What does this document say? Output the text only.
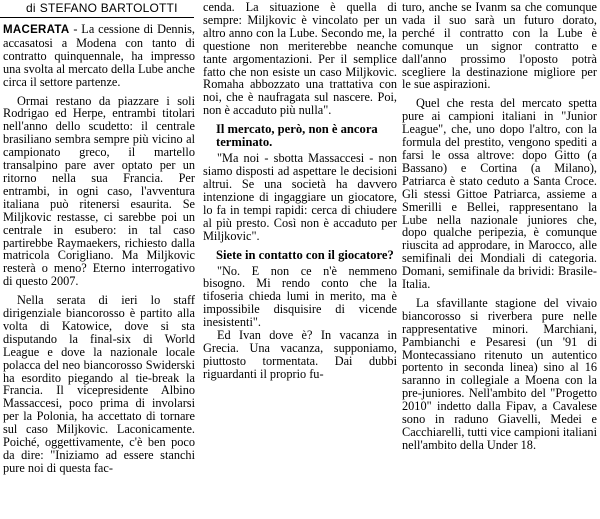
di STEFANO BARTOLOTTI

MACERATA - La cessione di Dennis, accasatosi a Modena con tanto di contratto quinquennale, ha impresso una svolta al mercato della Lube anche circa il settore partenze.

Ormai restano da piazzare i soli Rodrigao ed Herpe, entrambi titolari nell'anno dello scudetto: il centrale brasiliano sembra sempre più vicino al campionato greco, il martello transalpino pare aver optato per un ritorno nella sua Francia. Per entrambi, in ogni caso, l'avventura italiana può ritenersi esaurita. Se Miljkovic restasse, ci sarebbe poi un centrale in esubero: in tal caso partirebbe Raymaekers, richiesto dalla matricola Corigliano. Ma Miljkovic resterà o meno? Eterno interrogativo di questo 2007.

Nella serata di ieri lo staff dirigenziale biancorosso è partito alla volta di Katowice, dove si sta disputando la final-six di World League e dove la nazionale locale polacca del neo biancorosso Swiderski ha esordito piegando al tie-break la Francia. Il vicepresidente Albino Massaccesi, poco prima di involarsi per la Polonia, ha accettato di tornare sul caso Miljkovic. Laconicamente. Poiché, oggettivamente, c'è ben poco da dire: "Iniziamo ad essere stanchi pure noi di questa fac-

cenda. La situazione è quella di sempre: Miljkovic è vincolato per un altro anno con la Lube. Secondo me, la questione non meriterebbe neanche tante argomentazioni. Per il semplice fatto che non esiste un caso Miljkovic. Romaha abbozzato una trattativa con noi, che è naufragata sul nascere. Poi, non è accaduto più nulla".

Il mercato, però, non è ancora terminato.

"Ma noi - sbotta Massaccesi - non siamo disposti ad aspettare le decisioni altrui. Se una società ha davvero intenzione di ingaggiare un giocatore, lo fa in tempi rapidi: cerca di chiudere al più presto. Così non è accaduto per Miljkovic".

Siete in contatto con il giocatore?

"No. E non ce n'è nemmeno bisogno. Mi rendo conto che la tifoseria chieda lumi in merito, ma è impossibile disquisire di vicende inesistenti".

Ed Ivan dove è? In vacanza in Grecia. Una vacanza, supponiamo, piuttosto tormentata. Dai dubbi riguardanti il proprio fu-

turo, anche se Ivanm sa che comunque vada il suo sarà un futuro dorato, perché il contratto con la Lube è comunque un signor contratto e dall'anno prossimo l'oposto potrà scegliere la destinazione migliore per le sue aspirazioni.

Quel che resta del mercato spetta pure ai campioni italiani in "Junior League", che, uno dopo l'altro, con la formula del prestito, vengono spediti a farsi le ossa altrove: dopo Gitto (a Bassano) e Cortina (a Milano), Patriarca è stato ceduto a Santa Croce. Gli stessi Gittoe Patriarca, assieme a Smerilli e Bellei, rappresentano la Lube nella nazionale juniores che, dopo qualche peripezia, è comunque riuscita ad approdare, in Marocco, alle semifinali dei Mondiali di categoria. Domani, semifinale da brividi: Brasile-Italia.

La sfavillante stagione del vivaio biancorosso si riverbera pure nelle rappresentative minori. Marchiani, Pambianchi e Pesaresi (un '91 di Montecassiano ritenuto un autentico portento in seconda linea) sino al 16 saranno in collegiale a Moena con la pre-juniores. Nell'ambito del "Progetto 2010" indetto dalla Fipav, a Cavalese sono in raduno Giavelli, Medei e Cacchiarelli, tutti vice campioni italiani nell'ambito della Under 18.
